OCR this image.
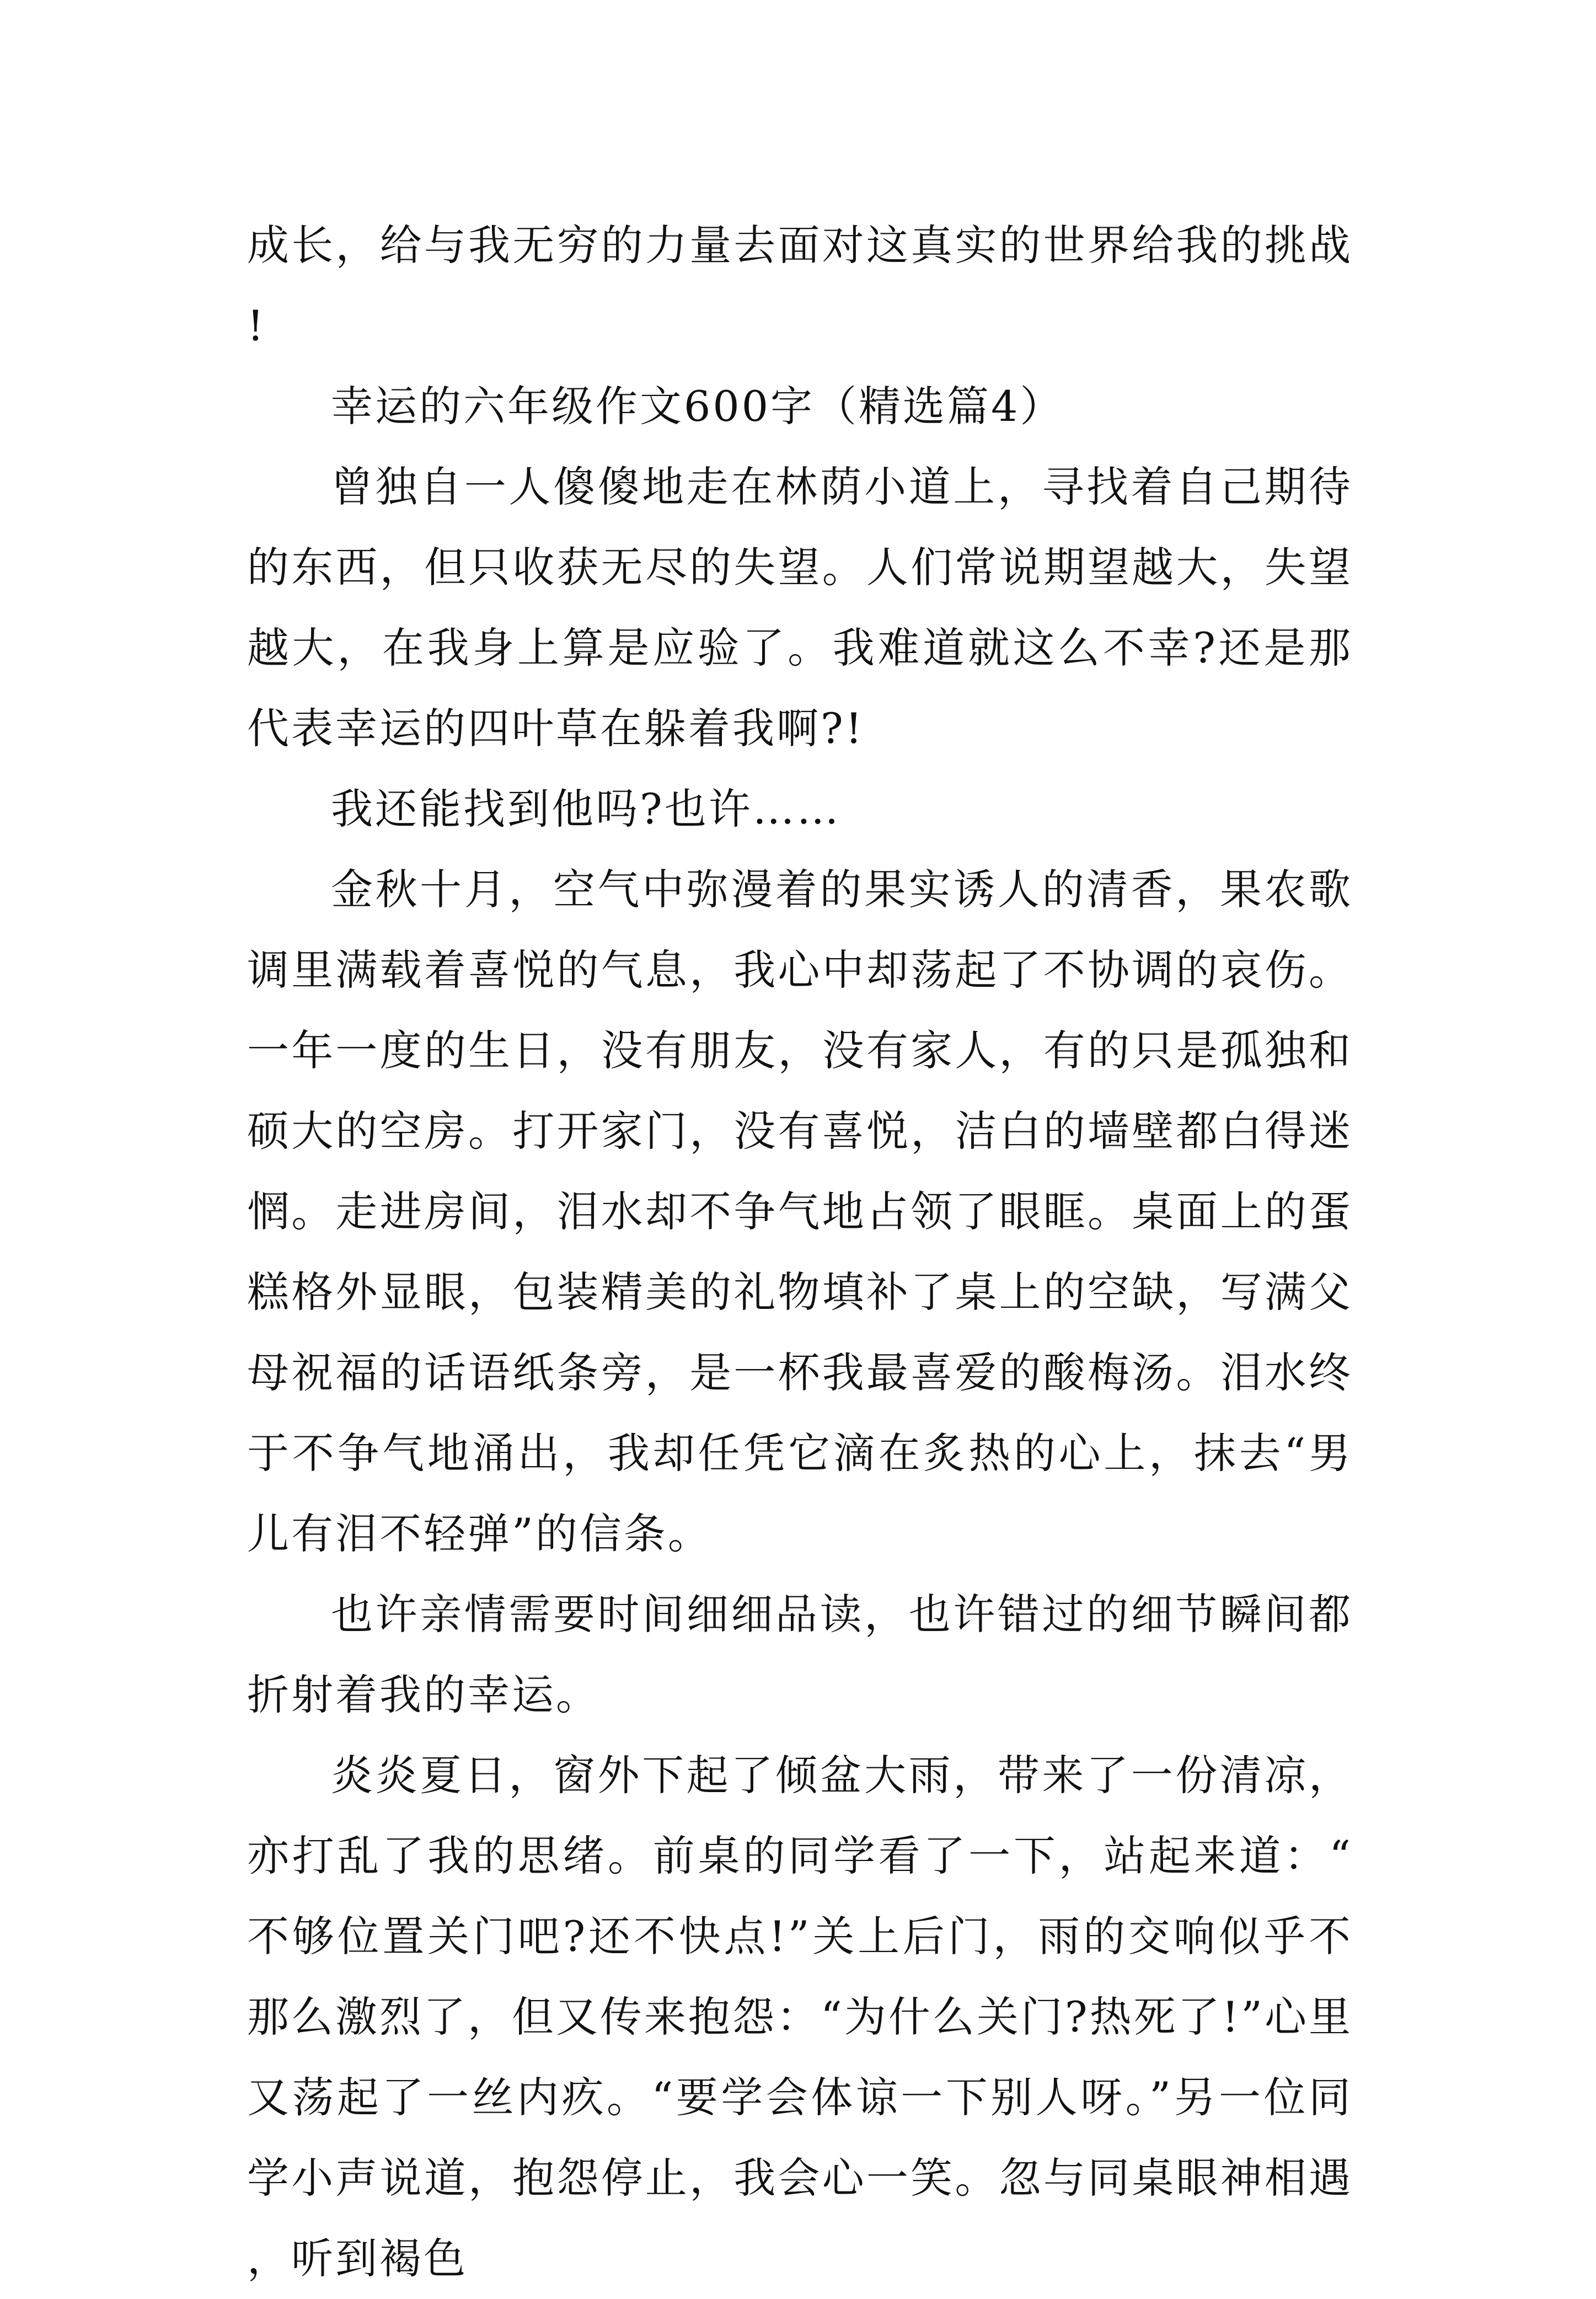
成长，给与我无穷的力量去面对这真实的世界给我的挑战!

幸运的六年级作文600字（精选篇4）

曾独自一人傻傻地走在林荫小道上，寻找着自己期待的东西，但只收获无尽的失望。人们常说期望越大，失望越大，在我身上算是应验了。我难道就这么不幸?还是那代表幸运的四叶草在躲着我啊?!

我还能找到他吗?也许……

金秋十月，空气中弥漫着的果实诱人的清香，果农歌调里满载着喜悦的气息，我心中却荡起了不协调的哀伤。一年一度的生日，没有朋友，没有家人，有的只是孤独和硕大的空房。打开家门，没有喜悦，洁白的墙壁都白得迷惘。走进房间，泪水却不争气地占领了眼眶。桌面上的蛋糕格外显眼，包装精美的礼物填补了桌上的空缺，写满父母祝福的话语纸条旁，是一杯我最喜爱的酸梅汤。泪水终于不争气地涌出，我却任凭它滴在炙热的心上，抹去“男儿有泪不轻弹”的信条。

也许亲情需要时间细细品读，也许错过的细节瞬间都折射着我的幸运。

炎炎夏日，窗外下起了倾盆大雨，带来了一份清凉，亦打乱了我的思绪。前桌的同学看了一下，站起来道：“不够位置关门吧?还不快点!”关上后门，雨的交响似乎不那么激烈了，但又传来抱怨：“为什么关门?热死了!”心里又荡起了一丝内疚。“要学会体谅一下别人呀。”另一位同学小声说道，抱怨停止，我会心一笑。忽与同桌眼神相遇，听到褐色
